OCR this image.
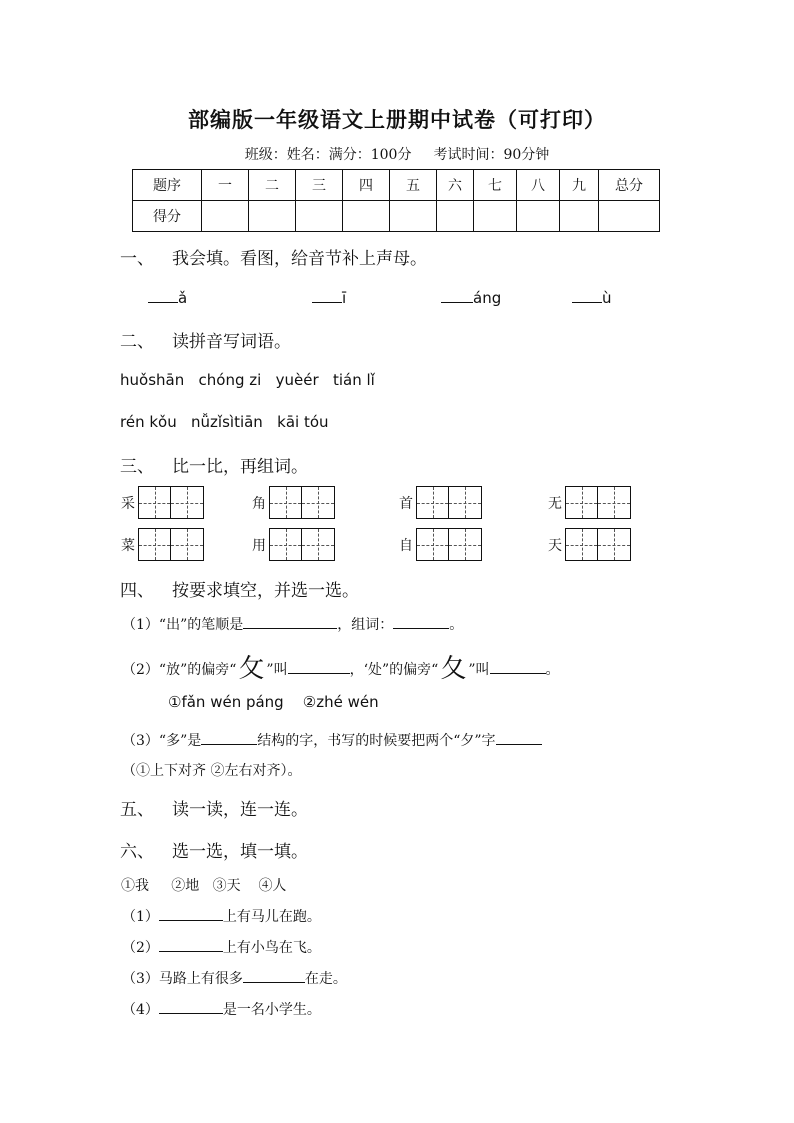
部编版一年级语文上册期中试卷（可打印）
班级：姓名：满分：100分 考试时间：90分钟
题序	一	二	三	四	五	六	七	八	九	总分
得分										
一、 我会填。看图，给音节补上声母。
ǎ	ī	áng	ù
二、 读拼音写词语。
huǒshān chóng zi yuèér tián lǐ
rén kǒu nǚzǐsìtiān kāi tóu
三、 比一比，再组词。
采	角	首	无
菜	用	自	天
四、 按要求填空，并选一选。
（1）“出”的笔顺是	，组词：	。
（2）“放”的偏旁“攵 ”叫	，‘处”的偏旁“夂 ”叫	。
①fǎn wén páng ②zhé wén
（3）“多”是	结构的字，书写的时候要把两个“夕”字
（①上下对齐 ②左右对齐）。
五、 读一读，连一连。
六、 选一选，填一填。
①我 ②地 ③天 ④人
（1）	上有马儿在跑。
（2）	上有小鸟在飞。
（3）马路上有很多	在走。
（4）	是一名小学生。
